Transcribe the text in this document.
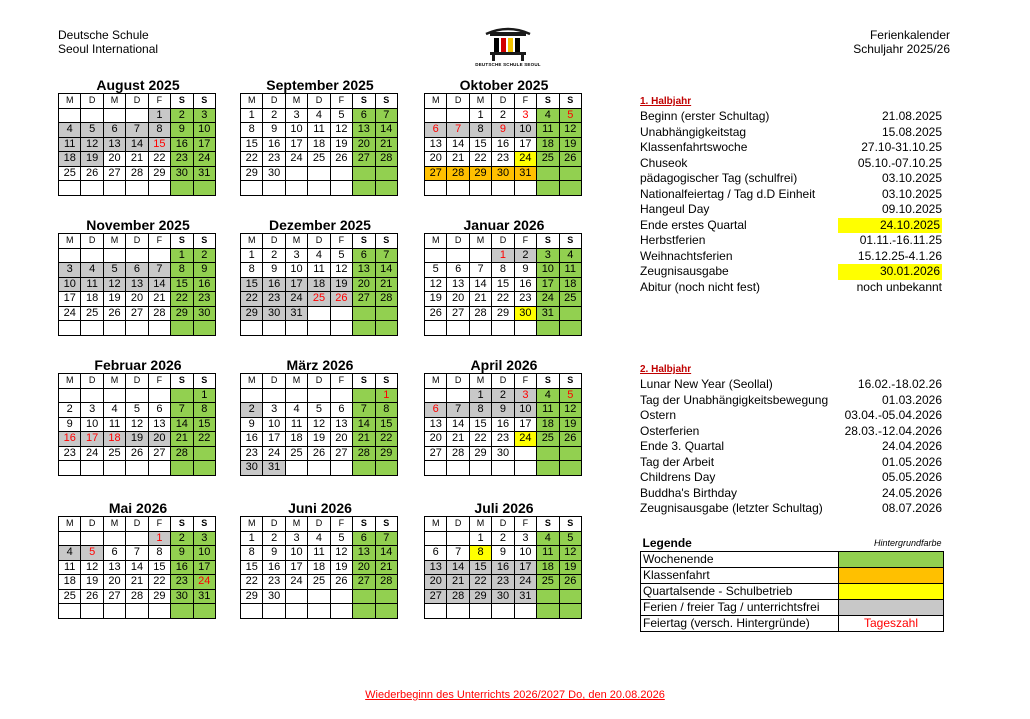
Deutsche Schule
Seoul International
DEUTSCHE SCHULE SEOUL
Ferienkalender
Schuljahr 2025/26
August 2025
M	D	M	D	F	S	S
				1	2	3
4	5	6	7	8	9	10
11	12	13	14	15	16	17
18	19	20	21	22	23	24
25	26	27	28	29	30	31

September 2025
M	D	M	D	F	S	S
1	2	3	4	5	6	7
8	9	10	11	12	13	14
15	16	17	18	19	20	21
22	23	24	25	26	27	28
29	30					

Oktober 2025
M	D	M	D	F	S	S
		1	2	3	4	5
6	7	8	9	10	11	12
13	14	15	16	17	18	19
20	21	22	23	24	25	26
27	28	29	30	31		

November 2025
M	D	M	D	F	S	S
					1	2
3	4	5	6	7	8	9
10	11	12	13	14	15	16
17	18	19	20	21	22	23
24	25	26	27	28	29	30

Dezember 2025
M	D	M	D	F	S	S
1	2	3	4	5	6	7
8	9	10	11	12	13	14
15	16	17	18	19	20	21
22	23	24	25	26	27	28
29	30	31				

Januar 2026
M	D	M	D	F	S	S
			1	2	3	4
5	6	7	8	9	10	11
12	13	14	15	16	17	18
19	20	21	22	23	24	25
26	27	28	29	30	31	

Februar 2026
M	D	M	D	F	S	S
						1
2	3	4	5	6	7	8
9	10	11	12	13	14	15
16	17	18	19	20	21	22
23	24	25	26	27	28	

März 2026
M	D	M	D	F	S	S
						1
2	3	4	5	6	7	8
9	10	11	12	13	14	15
16	17	18	19	20	21	22
23	24	25	26	27	28	29
30	31					
April 2026
M	D	M	D	F	S	S
		1	2	3	4	5
6	7	8	9	10	11	12
13	14	15	16	17	18	19
20	21	22	23	24	25	26
27	28	29	30			

Mai 2026
M	D	M	D	F	S	S
				1	2	3
4	5	6	7	8	9	10
11	12	13	14	15	16	17
18	19	20	21	22	23	24
25	26	27	28	29	30	31

Juni 2026
M	D	M	D	F	S	S
1	2	3	4	5	6	7
8	9	10	11	12	13	14
15	16	17	18	19	20	21
22	23	24	25	26	27	28
29	30					

Juli 2026
M	D	M	D	F	S	S
		1	2	3	4	5
6	7	8	9	10	11	12
13	14	15	16	17	18	19
20	21	22	23	24	25	26
27	28	29	30	31		

1. Halbjahr
Beginn (erster Schultag)	21.08.2025
Unabhängigkeitstag	15.08.2025
Klassenfahrtswoche	27.10-31.10.25
Chuseok	05.10.-07.10.25
pädagogischer Tag (schulfrei)	03.10.2025
Nationalfeiertag / Tag d.D Einheit	03.10.2025
Hangeul Day	09.10.2025
Ende erstes Quartal	24.10.2025
Herbstferien	01.11.-16.11.25
Weihnachtsferien	15.12.25-4.1.26
Zeugnisausgabe	30.01.2026
Abitur (noch nicht fest)	noch unbekannt
2. Halbjahr
Lunar New Year (Seollal)	16.02.-18.02.26
Tag der Unabhängigkeitsbewegung	01.03.2026
Ostern	03.04.-05.04.2026
Osterferien	28.03.-12.04.2026
Ende 3. Quartal	24.04.2026
Tag der Arbeit	01.05.2026
Childrens Day	05.05.2026
Buddha's Birthday	24.05.2026
Zeugnisausgabe (letzter Schultag)	08.07.2026
Legende	Hintergrundfarbe
Wochenende	
Klassenfahrt	
Quartalsende - Schulbetrieb	
Ferien / freier Tag / unterrichtsfrei	
Feiertag (versch. Hintergründe)	Tageszahl
Wiederbeginn des Unterrichts 2026/2027 Do, den 20.08.2026
